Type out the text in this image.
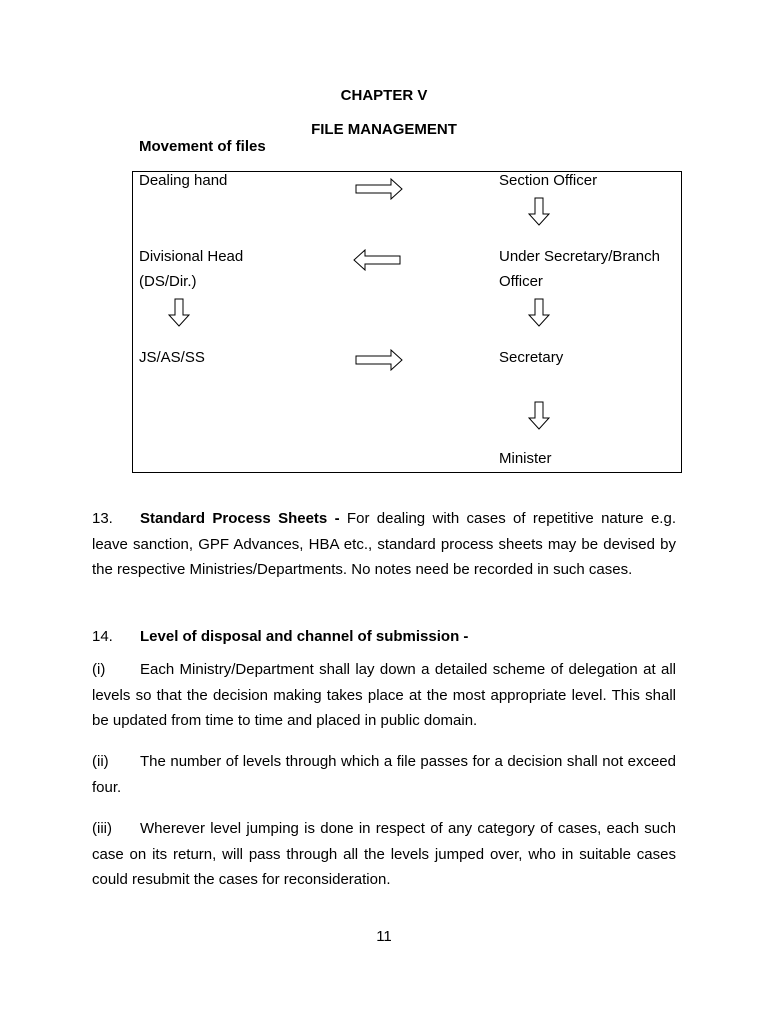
CHAPTER V
FILE MANAGEMENT
Movement of files
Dealing hand	Section Officer
Divisional Head
(DS/Dir.)
Under Secretary/Branch
Officer
JS/AS/SS	Secretary
Minister
13. Standard Process Sheets - For dealing with cases of repetitive nature e.g. leave sanction, GPF Advances, HBA etc., standard process sheets may be devised by the respective Ministries/Departments. No notes need be recorded in such cases.
14. Level of disposal and channel of submission -
(i) Each Ministry/Department shall lay down a detailed scheme of delegation at all levels so that the decision making takes place at the most appropriate level. This shall be updated from time to time and placed in public domain.
(ii) The number of levels through which a file passes for a decision shall not exceed four.
(iii) Wherever level jumping is done in respect of any category of cases, each such case on its return, will pass through all the levels jumped over, who in suitable cases could resubmit the cases for reconsideration.
11
